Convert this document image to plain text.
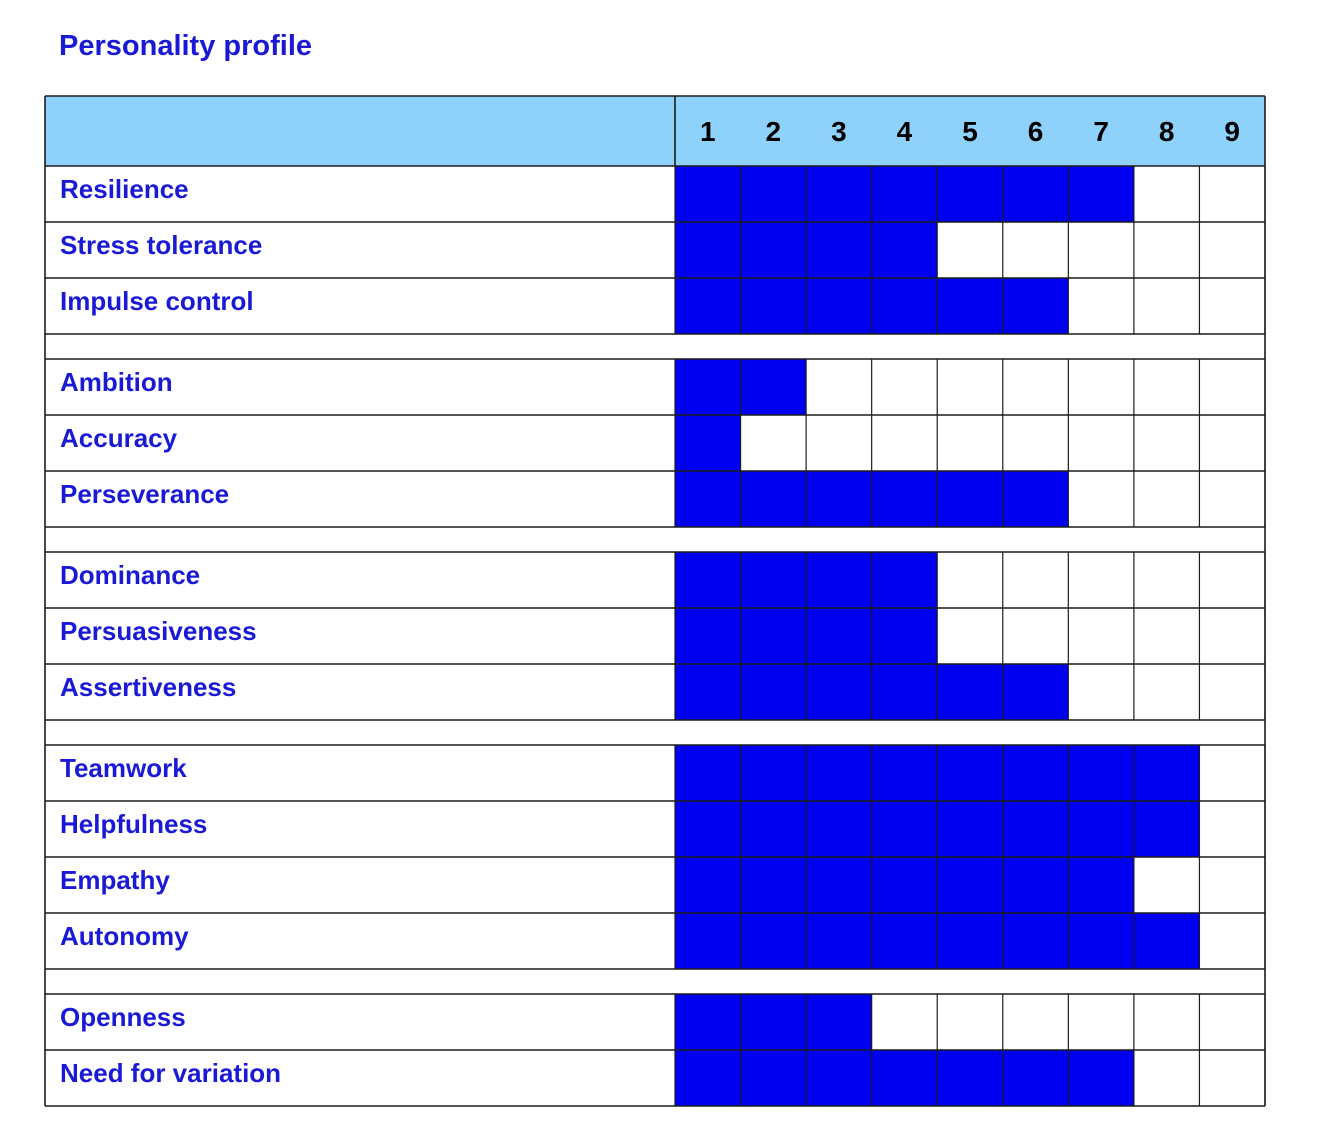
Personality profile
Resilience
Stress tolerance
Impulse control
Ambition
Accuracy
Perseverance
Dominance
Persuasiveness
Assertiveness
Teamwork
Helpfulness
Empathy
Autonomy
Openness
Need for variation
1 2 3 4 5 6 7 8 9
